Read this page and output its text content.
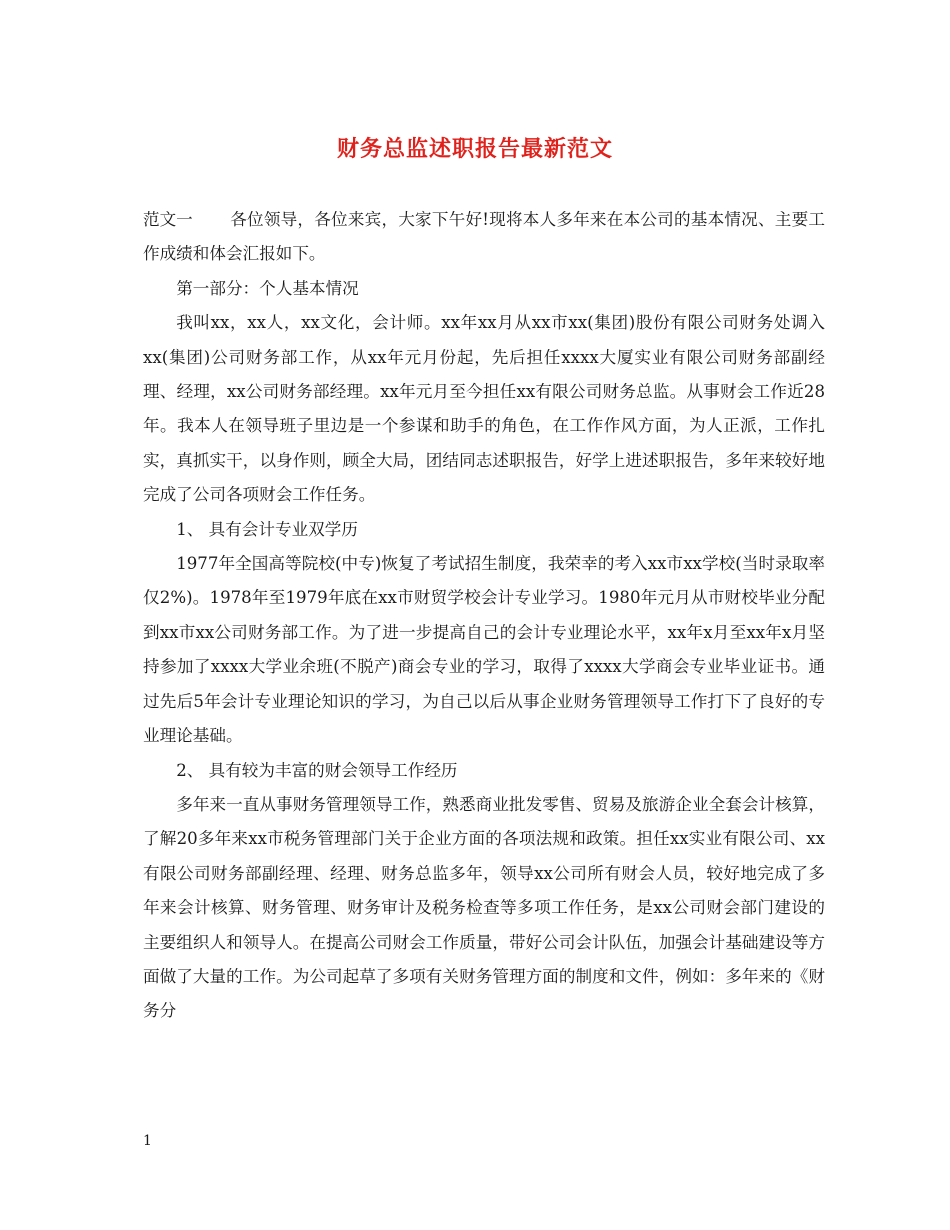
财务总监述职报告最新范文

范文一 各位领导，各位来宾，大家下午好!现将本人多年来在本公司的基本情况、主要工作成绩和体会汇报如下。

第一部分：个人基本情况

我叫xx，xx人，xx文化，会计师。xx年xx月从xx市xx(集团)股份有限公司财务处调入xx(集团)公司财务部工作，从xx年元月份起，先后担任xxxx大厦实业有限公司财务部副经理、经理，xx公司财务部经理。xx年元月至今担任xx有限公司财务总监。从事财会工作近28年。我本人在领导班子里边是一个参谋和助手的角色，在工作作风方面，为人正派，工作扎实，真抓实干，以身作则，顾全大局，团结同志述职报告，好学上进述职报告，多年来较好地完成了公司各项财会工作任务。

1、 具有会计专业双学历

1977年全国高等院校(中专)恢复了考试招生制度，我荣幸的考入xx市xx学校(当时录取率仅2%)。1978年至1979年底在xx市财贸学校会计专业学习。1980年元月从市财校毕业分配到xx市xx公司财务部工作。为了进一步提高自己的会计专业理论水平，xx年x月至xx年x月坚持参加了xxxx大学业余班(不脱产)商会专业的学习，取得了xxxx大学商会专业毕业证书。通过先后5年会计专业理论知识的学习，为自己以后从事企业财务管理领导工作打下了良好的专业理论基础。

2、 具有较为丰富的财会领导工作经历

多年来一直从事财务管理领导工作，熟悉商业批发零售、贸易及旅游企业全套会计核算，了解20多年来xx市税务管理部门关于企业方面的各项法规和政策。担任xx实业有限公司、xx有限公司财务部副经理、经理、财务总监多年，领导xx公司所有财会人员，较好地完成了多年来会计核算、财务管理、财务审计及税务检查等多项工作任务，是xx公司财会部门建设的主要组织人和领导人。在提高公司财会工作质量，带好公司会计队伍，加强会计基础建设等方面做了大量的工作。为公司起草了多项有关财务管理方面的制度和文件，例如：多年来的《财务分

1
